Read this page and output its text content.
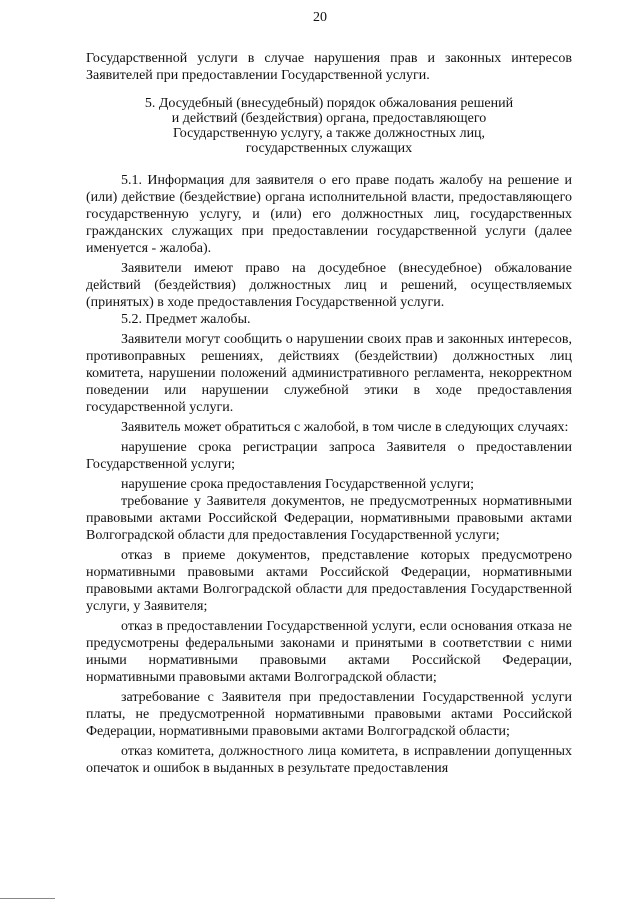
20

Государственной услуги в случае нарушения прав и законных интересов Заявителей при предоставлении Государственной услуги.

5. Досудебный (внесудебный) порядок обжалования решений
и действий (бездействия) органа, предоставляющего
Государственную услугу, а также должностных лиц,
государственных служащих

5.1. Информация для заявителя о его праве подать жалобу на решение и (или) действие (бездействие) органа исполнительной власти, предоставляющего государственную услугу, и (или) его должностных лиц, государственных гражданских служащих при предоставлении государственной услуги (далее именуется - жалоба).

Заявители имеют право на досудебное (внесудебное) обжалование действий (бездействия) должностных лиц и решений, осуществляемых (принятых) в ходе предоставления Государственной услуги.

5.2. Предмет жалобы.

Заявители могут сообщить о нарушении своих прав и законных интересов, противоправных решениях, действиях (бездействии) должностных лиц комитета, нарушении положений административного регламента, некорректном поведении или нарушении служебной этики в ходе предоставления государственной услуги.

Заявитель может обратиться с жалобой, в том числе в следующих случаях:

нарушение срока регистрации запроса Заявителя о предоставлении Государственной услуги;

нарушение срока предоставления Государственной услуги;

требование у Заявителя документов, не предусмотренных нормативными правовыми актами Российской Федерации, нормативными правовыми актами Волгоградской области для предоставления Государственной услуги;

отказ в приеме документов, представление которых предусмотрено нормативными правовыми актами Российской Федерации, нормативными правовыми актами Волгоградской области для предоставления Государственной услуги, у Заявителя;

отказ в предоставлении Государственной услуги, если основания отказа не предусмотрены федеральными законами и принятыми в соответствии с ними иными нормативными правовыми актами Российской Федерации, нормативными правовыми актами Волгоградской области;

затребование с Заявителя при предоставлении Государственной услуги платы, не предусмотренной нормативными правовыми актами Российской Федерации, нормативными правовыми актами Волгоградской области;

отказ комитета, должностного лица комитета, в исправлении допущенных опечаток и ошибок в выданных в результате предоставления
